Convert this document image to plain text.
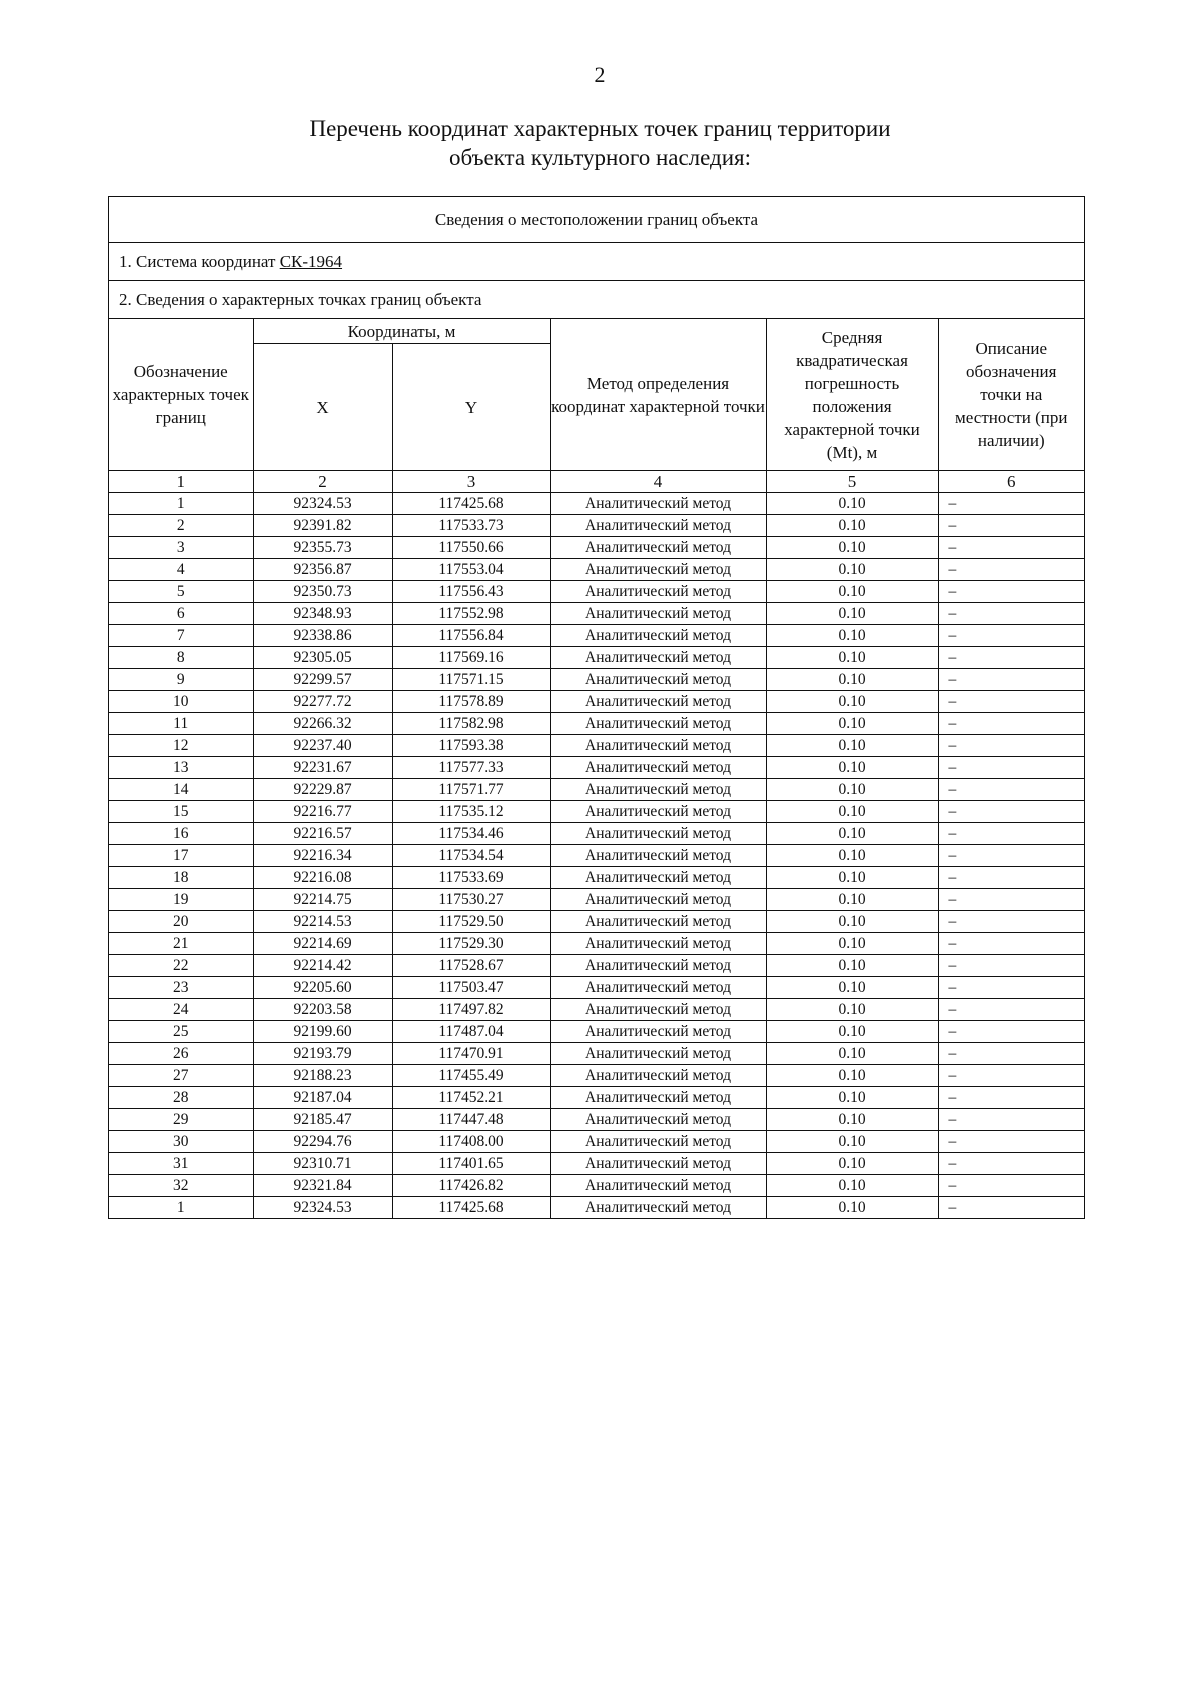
2
Перечень координат характерных точек границ территории
объекта культурного наследия:
Сведения о местоположении границ объекта
1. Система координат СК-1964
2. Сведения о характерных точках границ объекта
Обозначение характерных точек границ	Координаты, м		Метод определения координат характерной точки	Средняя квадратическая погрешность положения характерной точки (Mt), м	Описание обозначения точки на местности (при наличии)
	X	Y			
1	2	3	4	5	6
1	92324.53	117425.68	Аналитический метод	0.10	–
2	92391.82	117533.73	Аналитический метод	0.10	–
3	92355.73	117550.66	Аналитический метод	0.10	–
4	92356.87	117553.04	Аналитический метод	0.10	–
5	92350.73	117556.43	Аналитический метод	0.10	–
6	92348.93	117552.98	Аналитический метод	0.10	–
7	92338.86	117556.84	Аналитический метод	0.10	–
8	92305.05	117569.16	Аналитический метод	0.10	–
9	92299.57	117571.15	Аналитический метод	0.10	–
10	92277.72	117578.89	Аналитический метод	0.10	–
11	92266.32	117582.98	Аналитический метод	0.10	–
12	92237.40	117593.38	Аналитический метод	0.10	–
13	92231.67	117577.33	Аналитический метод	0.10	–
14	92229.87	117571.77	Аналитический метод	0.10	–
15	92216.77	117535.12	Аналитический метод	0.10	–
16	92216.57	117534.46	Аналитический метод	0.10	–
17	92216.34	117534.54	Аналитический метод	0.10	–
18	92216.08	117533.69	Аналитический метод	0.10	–
19	92214.75	117530.27	Аналитический метод	0.10	–
20	92214.53	117529.50	Аналитический метод	0.10	–
21	92214.69	117529.30	Аналитический метод	0.10	–
22	92214.42	117528.67	Аналитический метод	0.10	–
23	92205.60	117503.47	Аналитический метод	0.10	–
24	92203.58	117497.82	Аналитический метод	0.10	–
25	92199.60	117487.04	Аналитический метод	0.10	–
26	92193.79	117470.91	Аналитический метод	0.10	–
27	92188.23	117455.49	Аналитический метод	0.10	–
28	92187.04	117452.21	Аналитический метод	0.10	–
29	92185.47	117447.48	Аналитический метод	0.10	–
30	92294.76	117408.00	Аналитический метод	0.10	–
31	92310.71	117401.65	Аналитический метод	0.10	–
32	92321.84	117426.82	Аналитический метод	0.10	–
1	92324.53	117425.68	Аналитический метод	0.10	–
